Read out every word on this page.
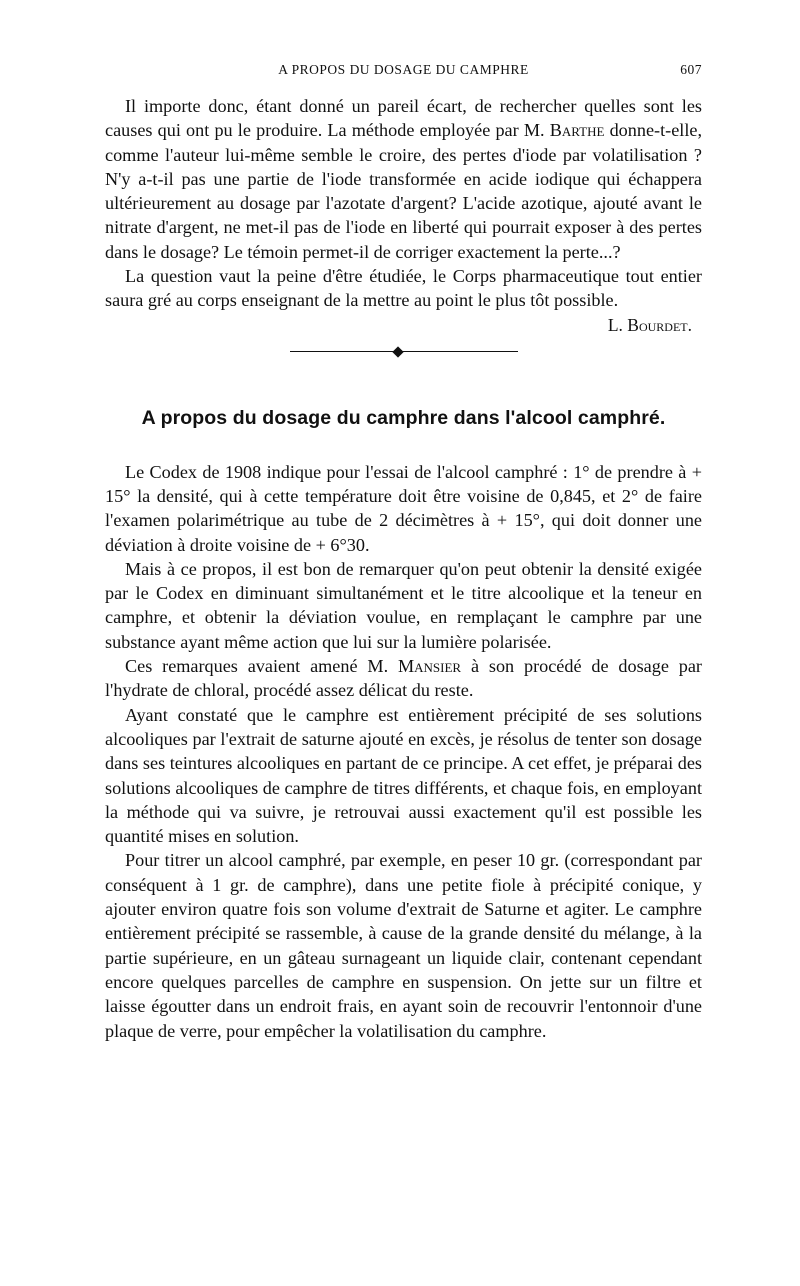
A PROPOS DU DOSAGE DU CAMPHRE	607

Il importe donc, étant donné un pareil écart, de rechercher quelles sont les causes qui ont pu le produire. La méthode employée par M. Barthe donne-t-elle, comme l'auteur lui-même semble le croire, des pertes d'iode par volatilisation ? N'y a-t-il pas une partie de l'iode transformée en acide iodique qui échappera ultérieurement au dosage par l'azotate d'argent? L'acide azotique, ajouté avant le nitrate d'argent, ne met-il pas de l'iode en liberté qui pourrait exposer à des pertes dans le dosage? Le témoin permet-il de corriger exactement la perte...?

La question vaut la peine d'être étudiée, le Corps pharmaceutique tout entier saura gré au corps enseignant de la mettre au point le plus tôt possible.

L. Bourdet.
A propos du dosage du camphre dans l'alcool camphré.

Le Codex de 1908 indique pour l'essai de l'alcool camphré : 1° de prendre à + 15° la densité, qui à cette température doit être voisine de 0,845, et 2° de faire l'examen polarimétrique au tube de 2 décimètres à + 15°, qui doit donner une déviation à droite voisine de + 6°30.

Mais à ce propos, il est bon de remarquer qu'on peut obtenir la densité exigée par le Codex en diminuant simultanément et le titre alcoolique et la teneur en camphre, et obtenir la déviation voulue, en remplaçant le camphre par une substance ayant même action que lui sur la lumière polarisée.

Ces remarques avaient amené M. Mansier à son procédé de dosage par l'hydrate de chloral, procédé assez délicat du reste.

Ayant constaté que le camphre est entièrement précipité de ses solutions alcooliques par l'extrait de saturne ajouté en excès, je résolus de tenter son dosage dans ses teintures alcooliques en partant de ce principe. A cet effet, je préparai des solutions alcooliques de camphre de titres différents, et chaque fois, en employant la méthode qui va suivre, je retrouvai aussi exactement qu'il est possible les quantité mises en solution.

Pour titrer un alcool camphré, par exemple, en peser 10 gr. (correspondant par conséquent à 1 gr. de camphre), dans une petite fiole à précipité conique, y ajouter environ quatre fois son volume d'extrait de Saturne et agiter. Le camphre entièrement précipité se rassemble, à cause de la grande densité du mélange, à la partie supérieure, en un gâteau surnageant un liquide clair, contenant cependant encore quelques parcelles de camphre en suspension. On jette sur un filtre et laisse égoutter dans un endroit frais, en ayant soin de recouvrir l'entonnoir d'une plaque de verre, pour empêcher la volatilisation du camphre.
